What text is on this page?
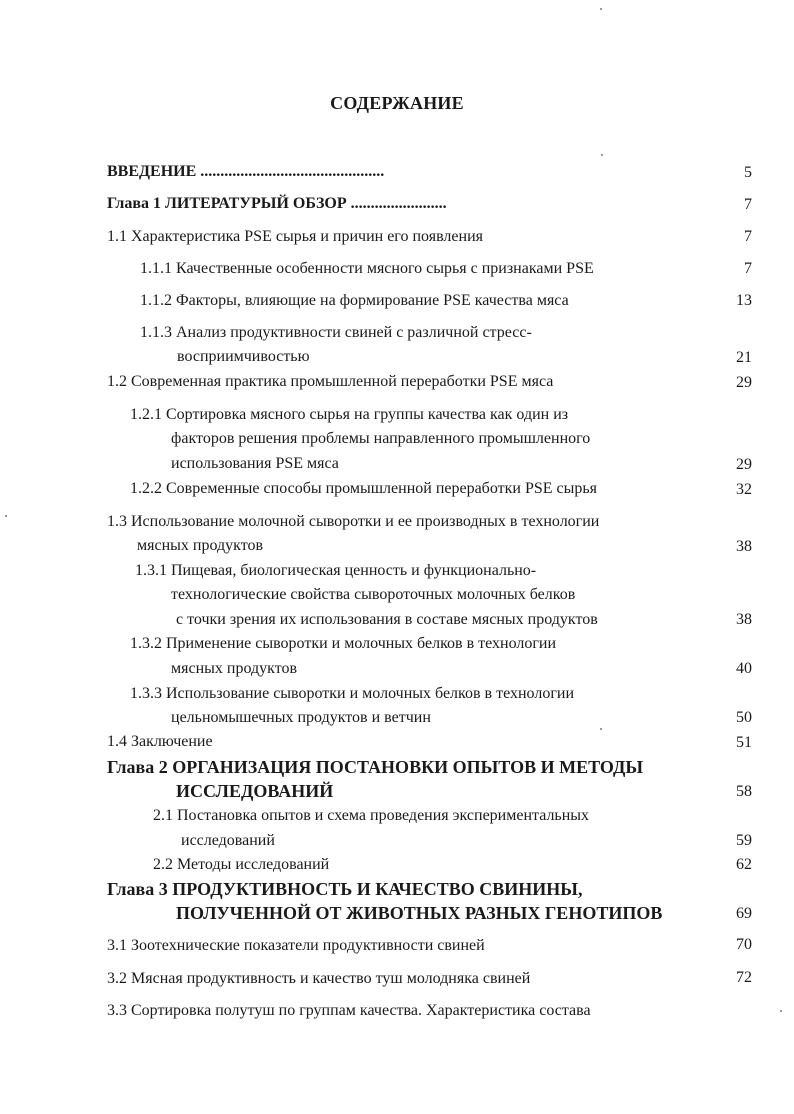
СОДЕРЖАНИЕ
ВВЕДЕНИЕ ..............................................	5
Глава 1 ЛИТЕРАТУРЫЙ ОБЗОР ........................	7
1.1 Характеристика PSE сырья и причин его появления	7
1.1.1 Качественные особенности мясного сырья с признаками PSE	7
1.1.2 Факторы, влияющие на формирование PSE качества мяса	13
1.1.3 Анализ продуктивности свиней с различной стресс-
восприимчивостью	21
1.2 Современная практика промышленной переработки PSE мяса	29
1.2.1 Сортировка мясного сырья на группы качества как один из
факторов решения проблемы направленного промышленного
использования PSE мяса	29
1.2.2 Современные способы промышленной переработки PSE сырья	32
1.3 Использование молочной сыворотки и ее производных в технологии
мясных продуктов	38
1.3.1 Пищевая, биологическая ценность и функционально-
технологические свойства сывороточных молочных белков
с точки зрения их использования в составе мясных продуктов	38
1.3.2 Применение сыворотки и молочных белков в технологии
мясных продуктов	40
1.3.3 Использование сыворотки и молочных белков в технологии
цельномышечных продуктов и ветчин	50
1.4 Заключение	51
Глава 2 ОРГАНИЗАЦИЯ ПОСТАНОВКИ ОПЫТОВ И МЕТОДЫ
ИССЛЕДОВАНИЙ	58
2.1 Постановка опытов и схема проведения экспериментальных
исследований	59
2.2 Методы исследований	62
Глава 3 ПРОДУКТИВНОСТЬ И КАЧЕСТВО СВИНИНЫ,
ПОЛУЧЕННОЙ ОТ ЖИВОТНЫХ РАЗНЫХ ГЕНОТИПОВ	69
3.1 Зоотехнические показатели продуктивности свиней	70
3.2 Мясная продуктивность и качество туш молодняка свиней	72
3.3 Сортировка полутуш по группам качества. Характеристика состава
